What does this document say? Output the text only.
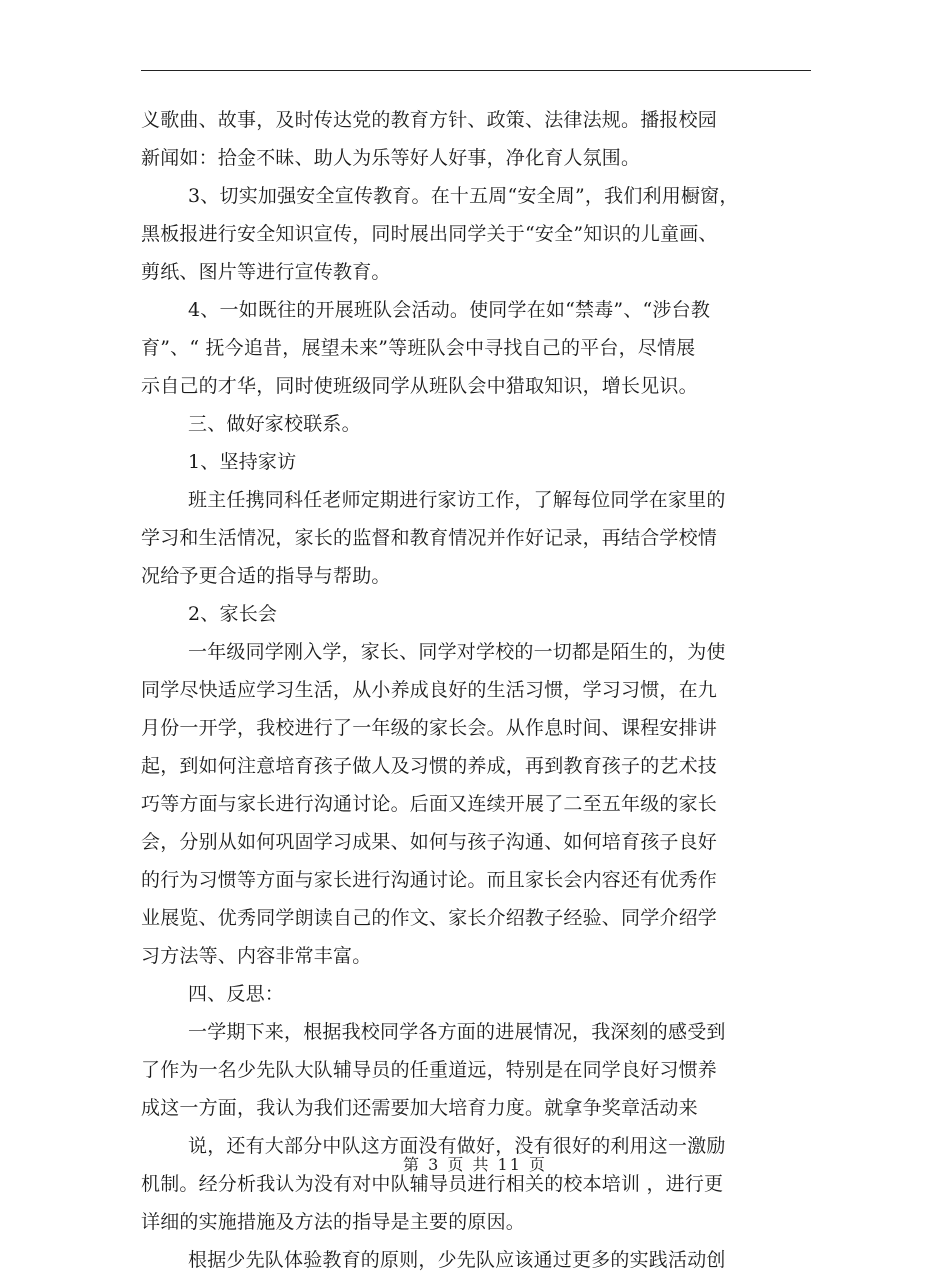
义歌曲、故事，及时传达党的教育方针、政策、法律法规。播报校园
新闻如：拾金不昧、助人为乐等好人好事，净化育人氛围。
3、切实加强安全宣传教育。在十五周“安全周”，我们利用橱窗，
黑板报进行安全知识宣传，同时展出同学关于“安全”知识的儿童画、
剪纸、图片等进行宣传教育。
4、一如既往的开展班队会活动。使同学在如“禁毒”、“涉台教
育”、“ 抚今追昔，展望未来”等班队会中寻找自己的平台，尽情展
示自己的才华，同时使班级同学从班队会中猎取知识，增长见识。
三、做好家校联系。
1、坚持家访
班主任携同科任老师定期进行家访工作，了解每位同学在家里的
学习和生活情况，家长的监督和教育情况并作好记录，再结合学校情
况给予更合适的指导与帮助。
2、家长会
一年级同学刚入学，家长、同学对学校的一切都是陌生的，为使
同学尽快适应学习生活，从小养成良好的生活习惯，学习习惯，在九
月份一开学，我校进行了一年级的家长会。从作息时间、课程安排讲
起，到如何注意培育孩子做人及习惯的养成，再到教育孩子的艺术技
巧等方面与家长进行沟通讨论。后面又连续开展了二至五年级的家长
会，分别从如何巩固学习成果、如何与孩子沟通、如何培育孩子良好
的行为习惯等方面与家长进行沟通讨论。而且家长会内容还有优秀作
业展览、优秀同学朗读自己的作文、家长介绍教子经验、同学介绍学
习方法等、内容非常丰富。
四、反思：
一学期下来，根据我校同学各方面的进展情况，我深刻的感受到
了作为一名少先队大队辅导员的任重道远，特别是在同学良好习惯养
成这一方面，我认为我们还需要加大培育力度。就拿争奖章活动来
说，还有大部分中队这方面没有做好，没有很好的利用这一激励
机制。经分析我认为没有对中队辅导员进行相关的校本培训 ，进行更
详细的实施措施及方法的指导是主要的原因。
根据少先队体验教育的原则，少先队应该通过更多的实践活动创
第 3 页 共 11 页
